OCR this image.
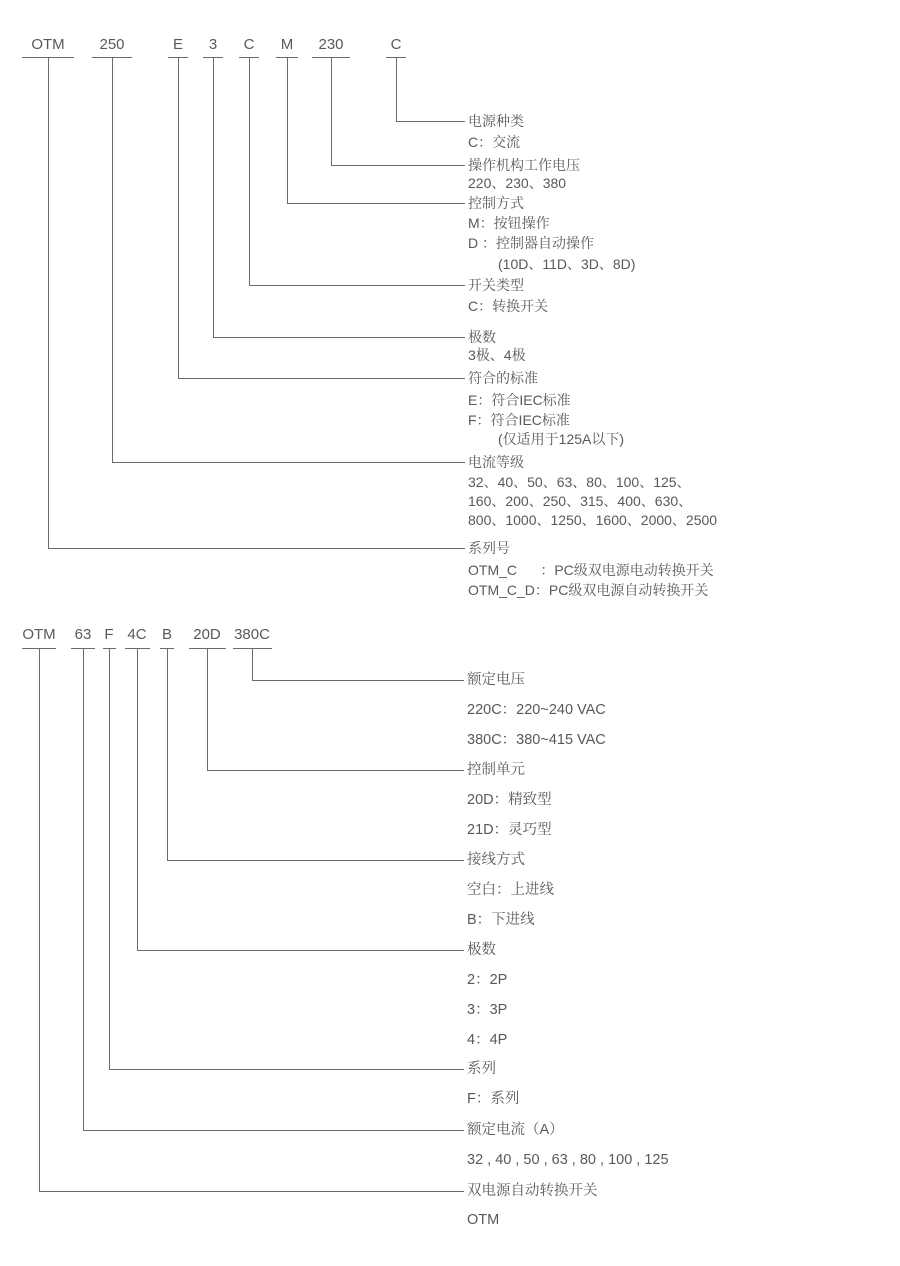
OTM 250	E 3 C M 230	C
电源种类
C：交流
操作机构工作电压
220、230、380
控制方式
M：按钮操作
D ：控制器自动操作
(10D、11D、3D、8D)
开关类型
C：转换开关
极数
3极、4极
符合的标准
E：符合IEC标准
F：符合IEC标准
(仅适用于125A以下)
电流等级
32、40、50、63、80、100、125、
160、200、250、315、400、630、
800、1000、1250、1600、2000、2500
系列号
OTM_C      ：PC级双电源电动转换开关
OTM_C_D：PC级双电源自动转换开关
OTM 63 F 4C B 20D 380C
额定电压
220C：220~240 VAC
380C：380~415 VAC
控制单元
20D：精致型
21D：灵巧型
接线方式
空白：上进线
B：下进线
极数
2：2P
3：3P
4：4P
系列
F：系列
额定电流（A）
32 , 40 , 50 , 63 , 80 , 100 , 125
双电源自动转换开关
OTM
